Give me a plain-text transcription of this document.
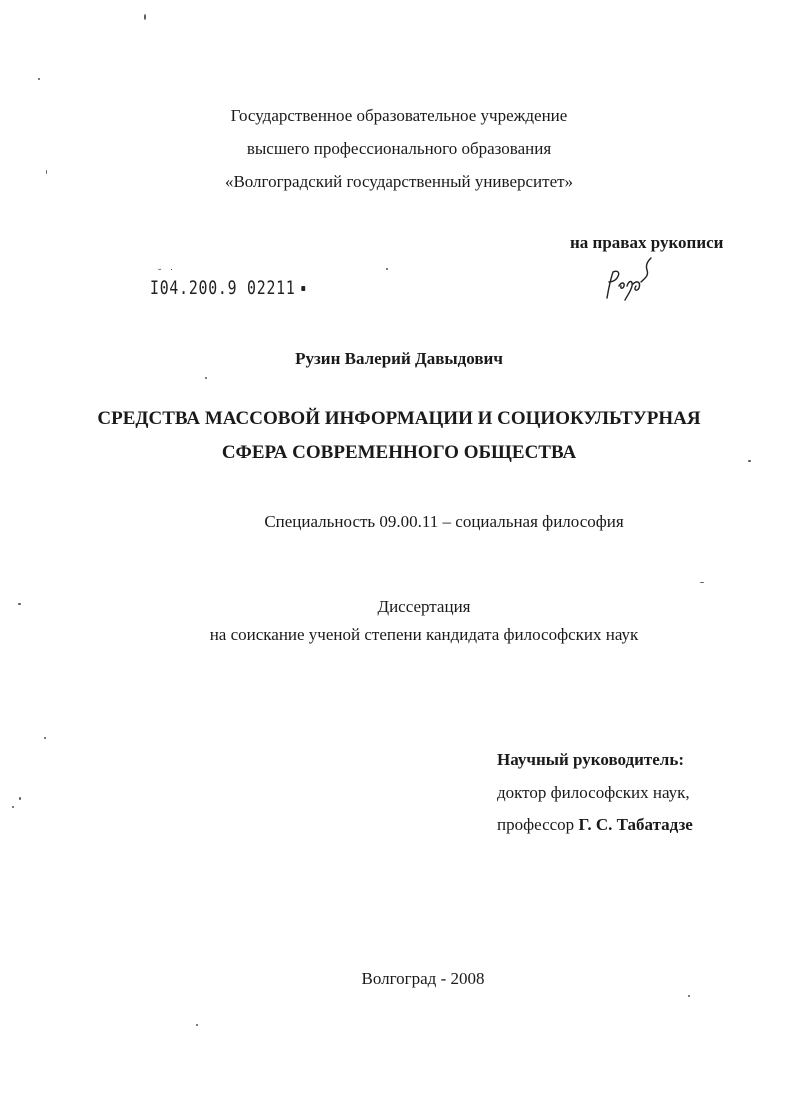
Государственное образовательное учреждение
высшего профессионального образования
«Волгоградский государственный университет»
на правах рукописи
˘ ˙
I04.200.9 02211
Рузин Валерий Давыдович
СРЕДСТВА МАССОВОЙ ИНФОРМАЦИИ И СОЦИОКУЛЬТУРНАЯ
СФЕРА СОВРЕМЕННОГО ОБЩЕСТВА
Специальность 09.00.11 – социальная философия
Диссертация
на соискание ученой степени кандидата философских наук
Научный руководитель:
доктор философских наук,
профессор Г. С. Табатадзе
Волгоград - 2008
